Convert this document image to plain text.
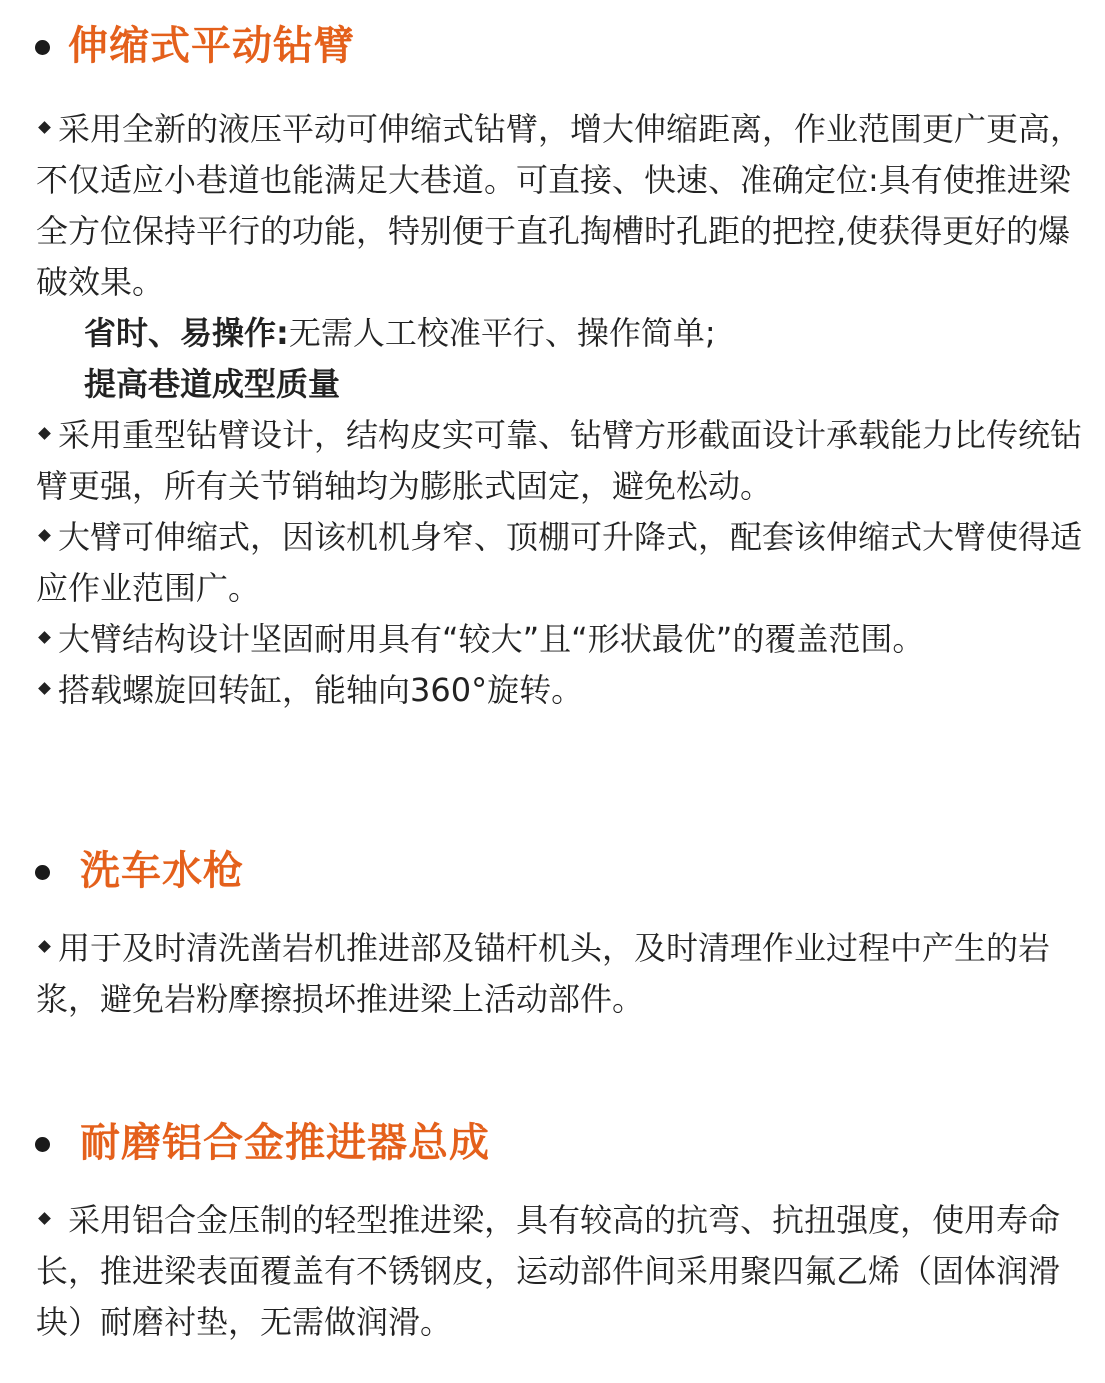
伸缩式平动钻臂

采用全新的液压平动可伸缩式钻臂，增大伸缩距离，作业范围更广更高，不仅适应小巷道也能满足大巷道。可直接、快速、准确定位:具有使推进梁全方位保持平行的功能，特别便于直孔掏槽时孔距的把控,使获得更好的爆破效果。

省时、易操作:无需人工校准平行、操作简单;

提高巷道成型质量

采用重型钻臂设计，结构皮实可靠、钻臂方形截面设计承载能力比传统钻臂更强，所有关节销轴均为膨胀式固定，避免松动。

大臂可伸缩式，因该机机身窄、顶棚可升降式，配套该伸缩式大臂使得适应作业范围广。

大臂结构设计坚固耐用具有“较大”且“形状最优”的覆盖范围。

搭载螺旋回转缸，能轴向360°旋转。

洗车水枪

用于及时清洗凿岩机推进部及锚杆机头，及时清理作业过程中产生的岩浆，避免岩粉摩擦损坏推进梁上活动部件。

耐磨铝合金推进器总成

采用铝合金压制的轻型推进梁，具有较高的抗弯、抗扭强度，使用寿命长，推进梁表面覆盖有不锈钢皮，运动部件间采用聚四氟乙烯（固体润滑块）耐磨衬垫，无需做润滑。
